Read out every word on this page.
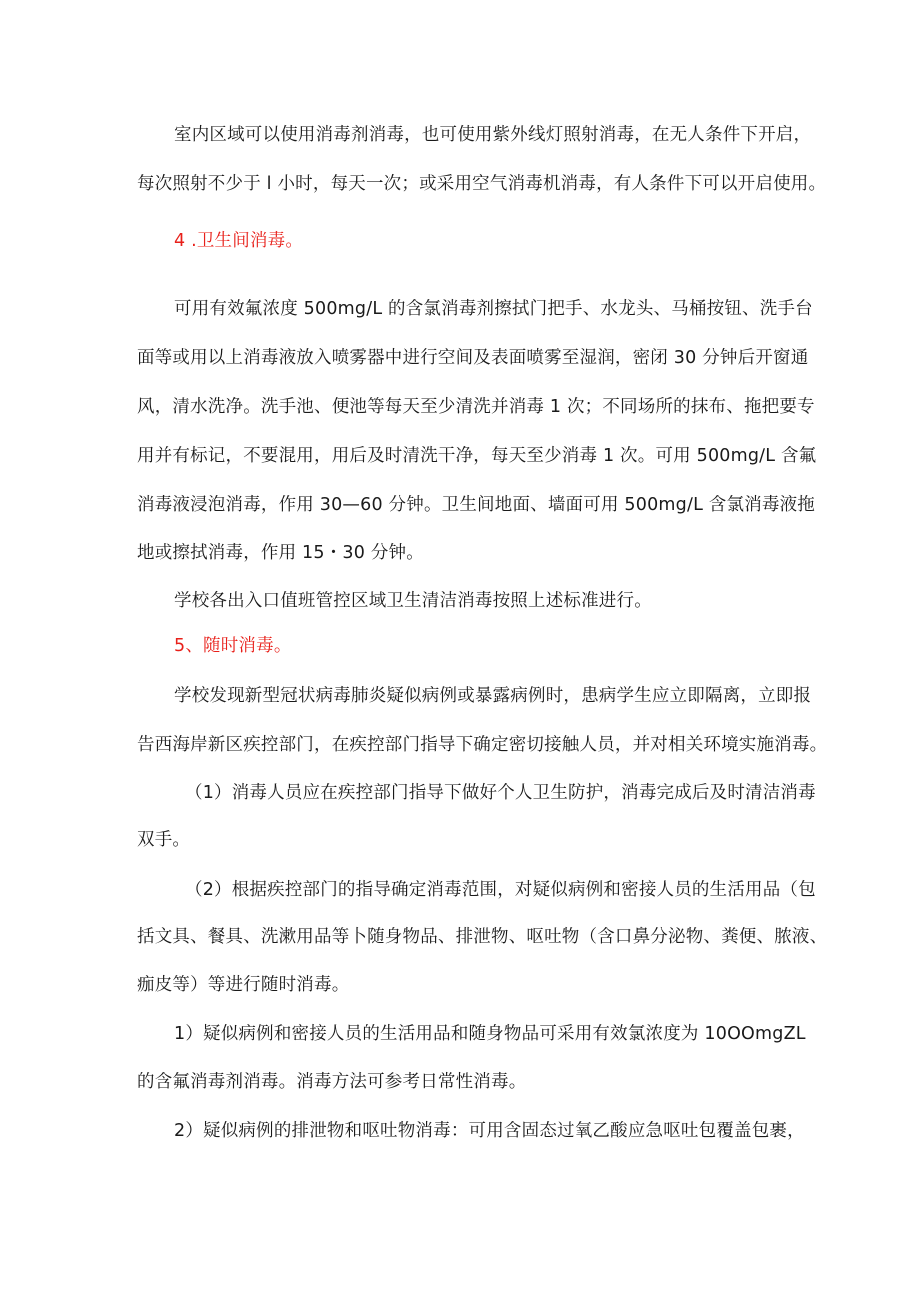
室内区域可以使用消毒剂消毒，也可使用紫外线灯照射消毒，在无人条件下开启，
每次照射不少于 l 小时，每天一次；或采用空气消毒机消毒，有人条件下可以开启使用。
4 .卫生间消毒。
可用有效氟浓度 500mg/L 的含氯消毒剂擦拭门把手、水龙头、马桶按钮、洗手台
面等或用以上消毒液放入喷雾器中进行空间及表面喷雾至湿润，密闭 30 分钟后开窗通
风，清水洗净。洗手池、便池等每天至少清洗并消毒 1 次；不同场所的抹布、拖把要专
用并有标记，不要混用，用后及时清洗干净，每天至少消毒 1 次。可用 500mg∕L 含氟
消毒液浸泡消毒，作用 30—60 分钟。卫生间地面、墙面可用 500mg∕L 含氯消毒液拖
地或擦拭消毒，作用 15・30 分钟。
学校各出入口值班管控区域卫生清洁消毒按照上述标准进行。
5、随时消毒。
学校发现新型冠状病毒肺炎疑似病例或暴露病例时，患病学生应立即隔离，立即报
告西海岸新区疾控部门，在疾控部门指导下确定密切接触人员，并对相关环境实施消毒。
（1）消毒人员应在疾控部门指导下做好个人卫生防护，消毒完成后及时清洁消毒
双手。
（2）根据疾控部门的指导确定消毒范围，对疑似病例和密接人员的生活用品（包
括文具、餐具、洗漱用品等卜随身物品、排泄物、呕吐物（含口鼻分泌物、粪便、脓液、
痂皮等）等进行随时消毒。
1）疑似病例和密接人员的生活用品和随身物品可采用有效氯浓度为 10OOmgZL
的含氟消毒剂消毒。消毒方法可参考日常性消毒。
2）疑似病例的排泄物和呕吐物消毒：可用含固态过氧乙酸应急呕吐包覆盖包裹，
